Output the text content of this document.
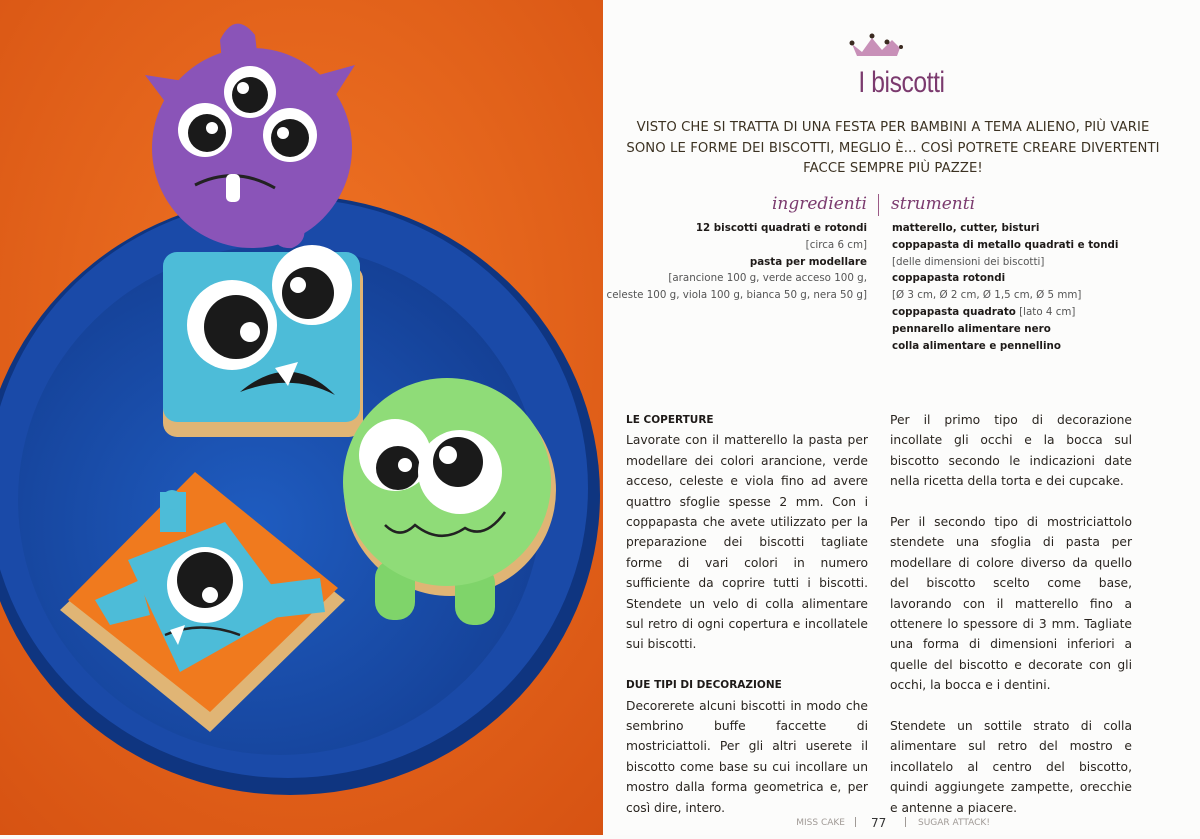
I biscotti
VISTO CHE SI TRATTA DI UNA FESTA PER BAMBINI A TEMA ALIENO, PIÙ VARIE SONO LE FORME DEI BISCOTTI, MEGLIO È... COSÌ POTRETE CREARE DIVERTENTI FACCE SEMPRE PIÙ PAZZE!
ingredienti strumenti
12 biscotti quadrati e rotondi
[circa 6 cm]
pasta per modellare
[arancione 100 g, verde acceso 100 g,
celeste 100 g, viola 100 g, bianca 50 g, nera 50 g]
matterello, cutter, bisturi
coppapasta di metallo quadrati e tondi
[delle dimensioni dei biscotti]
coppapasta rotondi
[Ø 3 cm, Ø 2 cm, Ø 1,5 cm, Ø 5 mm]
coppapasta quadrato [lato 4 cm]
pennarello alimentare nero
colla alimentare e pennellino
LE COPERTURE

Lavorate con il matterello la pasta per modellare dei colori arancione, verde acceso, celeste e viola fino ad avere quattro sfoglie spesse 2 mm. Con i coppapasta che avete utilizzato per la preparazione dei biscotti tagliate forme di vari colori in numero sufficiente da coprire tutti i biscotti. Stendete un velo di colla alimentare sul retro di ogni copertura e incollatele sui biscotti.

DUE TIPI DI DECORAZIONE

Decorerete alcuni biscotti in modo che sembrino buffe faccette di mostriciattoli. Per gli altri userete il biscotto come base su cui incollare un mostro dalla forma geometrica e, per così dire, intero.

Per il primo tipo di decorazione incollate gli occhi e la bocca sul biscotto secondo le indicazioni date nella ricetta della torta e dei cupcake.

Per il secondo tipo di mostriciattolo stendete una sfoglia di pasta per modellare di colore diverso da quello del biscotto scelto come base, lavorando con il matterello fino a ottenere lo spessore di 3 mm. Tagliate una forma di dimensioni inferiori a quelle del biscotto e decorate con gli occhi, la bocca e i dentini.

Stendete un sottile strato di colla alimentare sul retro del mostro e incollatelo al centro del biscotto, quindi aggiungete zampette, orecchie e antenne a piacere.

MISS CAKE 77	SUGAR ATTACK!
